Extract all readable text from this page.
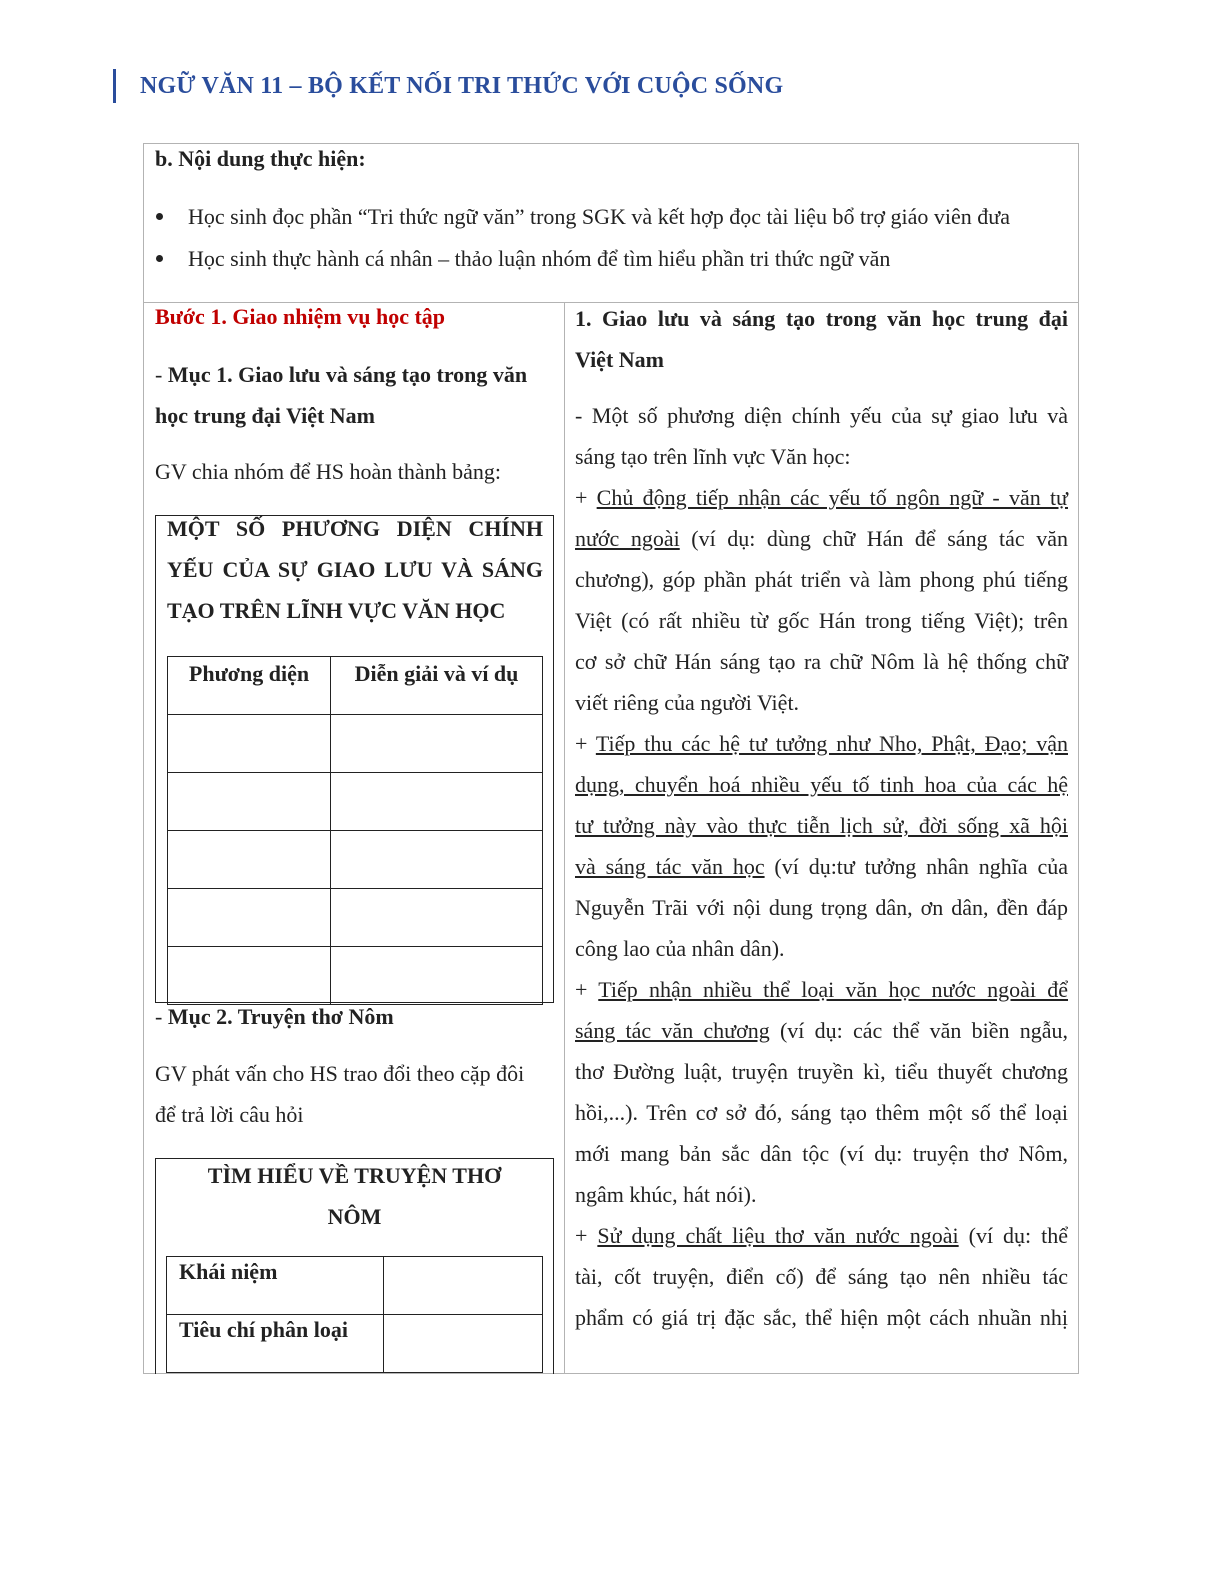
NGỮ VĂN 11 – BỘ KẾT NỐI TRI THỨC VỚI CUỘC SỐNG
b. Nội dung thực hiện:
Học sinh đọc phần “Tri thức ngữ văn” trong SGK và kết hợp đọc tài liệu bổ trợ giáo viên đưa
Học sinh thực hành cá nhân – thảo luận nhóm để tìm hiểu phần tri thức ngữ văn
Bước 1. Giao nhiệm vụ học tập
- Mục 1. Giao lưu và sáng tạo trong văn
học trung đại Việt Nam
GV chia nhóm để HS hoàn thành bảng:
MỘT SỐ PHƯƠNG DIỆN CHÍNH
YẾU CỦA SỰ GIAO LƯU VÀ SÁNG
TẠO TRÊN LĨNH VỰC VĂN HỌC
Phương diện	Diễn giải và ví dụ

- Mục 2. Truyện thơ Nôm
GV phát vấn cho HS trao đổi theo cặp đôi
để trả lời câu hỏi
TÌM HIỂU VỀ TRUYỆN THƠ
NÔM
Khái niệm	
Tiêu chí phân loại	
1. Giao lưu và sáng tạo trong văn học trung đại
Việt Nam
- Một số phương diện chính yếu của sự giao lưu và
sáng tạo trên lĩnh vực Văn học:
+ Chủ động tiếp nhận các yếu tố ngôn ngữ - văn tự
nước ngoài (ví dụ: dùng chữ Hán để sáng tác văn
chương), góp phần phát triển và làm phong phú tiếng
Việt (có rất nhiều từ gốc Hán trong tiếng Việt); trên
cơ sở chữ Hán sáng tạo ra chữ Nôm là hệ thống chữ
viết riêng của người Việt.
+ Tiếp thu các hệ tư tưởng như Nho, Phật, Đạo; vận
dụng, chuyển hoá nhiều yếu tố tinh hoa của các hệ
tư tưởng này vào thực tiễn lịch sử, đời sống xã hội
và sáng tác văn học (ví dụ:tư tưởng nhân nghĩa của
Nguyễn Trãi với nội dung trọng dân, ơn dân, đền đáp
công lao của nhân dân).
+ Tiếp nhận nhiều thể loại văn học nước ngoài để
sáng tác văn chương (ví dụ: các thể văn biền ngẫu,
thơ Đường luật, truyện truyền kì, tiểu thuyết chương
hồi,...). Trên cơ sở đó, sáng tạo thêm một số thể loại
mới mang bản sắc dân tộc (ví dụ: truyện thơ Nôm,
ngâm khúc, hát nói).
+ Sử dụng chất liệu thơ văn nước ngoài (ví dụ: thể
tài, cốt truyện, điển cố) để sáng tạo nên nhiều tác
phẩm có giá trị đặc sắc, thể hiện một cách nhuần nhị
